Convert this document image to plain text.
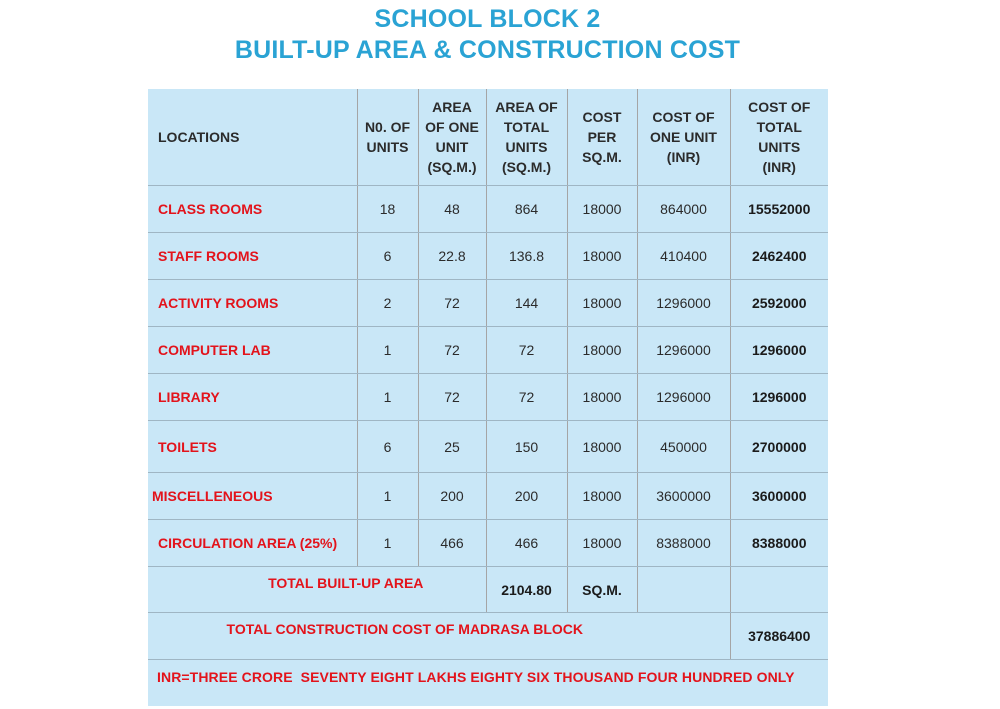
SCHOOL BLOCK 2
BUILT-UP AREA & CONSTRUCTION COST
LOCATIONS	N0. OF UNITS	AREA OF ONE UNIT (SQ.M.)	AREA OF TOTAL UNITS (SQ.M.)	COST PER SQ.M.	COST OF ONE UNIT (INR)	COST OF TOTAL UNITS (INR)
CLASS ROOMS	18	48	864	18000	864000	15552000
STAFF ROOMS	6	22.8	136.8	18000	410400	2462400
ACTIVITY ROOMS	2	72	144	18000	1296000	2592000
COMPUTER LAB	1	72	72	18000	1296000	1296000
LIBRARY	1	72	72	18000	1296000	1296000
TOILETS	6	25	150	18000	450000	2700000
MISCELLENEOUS	1	200	200	18000	3600000	3600000
CIRCULATION AREA (25%)	1	466	466	18000	8388000	8388000
TOTAL BUILT-UP AREA			2104.80	SQ.M.		
TOTAL CONSTRUCTION COST OF MADRASA BLOCK						37886400
INR=THREE CRORE  SEVENTY EIGHT LAKHS EIGHTY SIX THOUSAND FOUR HUNDRED ONLY						
